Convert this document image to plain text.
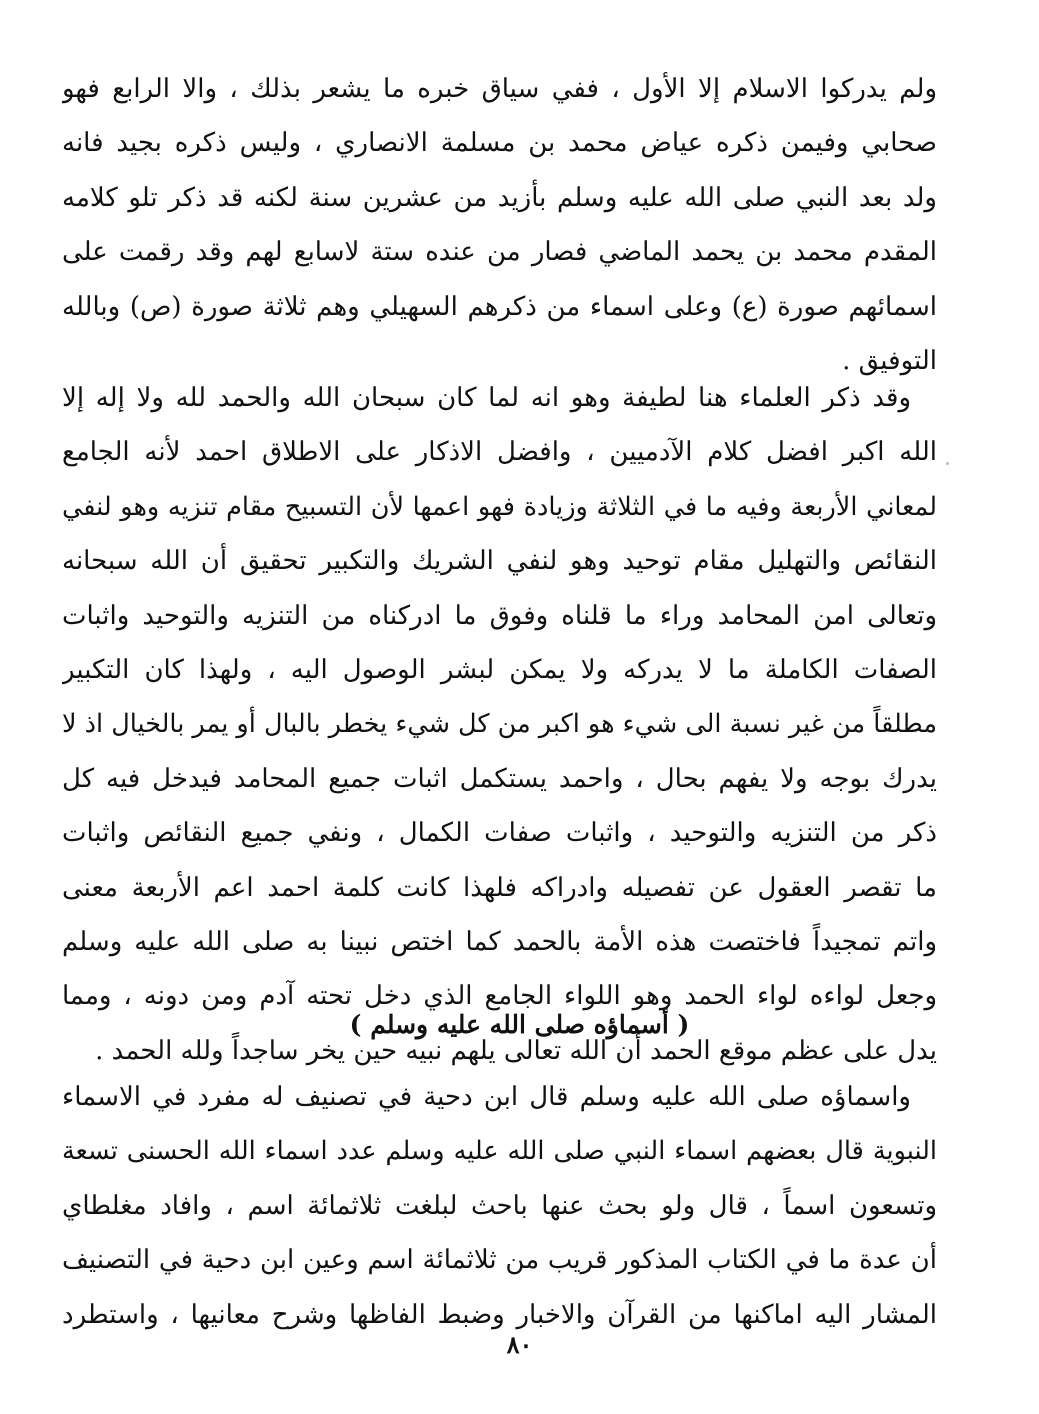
ولم يدركوا الاسلام إلا الأول ، ففي سياق خبره ما يشعر بذلك ، والا الرابع فهو
صحابي وفيمن ذكره عياض محمد بن مسلمة الانصاري ، وليس ذكره بجيد فانه
ولد بعد النبي صلى الله عليه وسلم بأزيد من عشرين سنة لكنه قد ذكر تلو كلامه
المقدم محمد بن يحمد الماضي فصار من عنده ستة لاسابع لهم وقد رقمت على
اسمائهم صورة (ع) وعلى اسماء من ذكرهم السهيلي وهم ثلاثة صورة (ص) وبالله
التوفيق .
وقد ذكر العلماء هنا لطيفة وهو انه لما كان سبحان الله والحمد لله ولا إله إلا
الله اكبر افضل كلام الآدميين ، وافضل الاذكار على الاطلاق احمد لأنه الجامع
لمعاني الأربعة وفيه ما في الثلاثة وزيادة فهو اعمها لأن التسبيح مقام تنزيه وهو لنفي
النقائص والتهليل مقام توحيد وهو لنفي الشريك والتكبير تحقيق أن الله سبحانه
وتعالى امن المحامد وراء ما قلناه وفوق ما ادركناه من التنزيه والتوحيد واثبات
الصفات الكاملة ما لا يدركه ولا يمكن لبشر الوصول اليه ، ولهذا كان التكبير
مطلقاً من غير نسبة الى شيء هو اكبر من كل شيء يخطر بالبال أو يمر بالخيال اذ لا
يدرك بوجه ولا يفهم بحال ، واحمد يستكمل اثبات جميع المحامد فيدخل فيه كل
ذكر من التنزيه والتوحيد ، واثبات صفات الكمال ، ونفي جميع النقائص واثبات
ما تقصر العقول عن تفصيله وادراكه فلهذا كانت كلمة احمد اعم الأربعة معنى
واتم تمجيداً فاختصت هذه الأمة بالحمد كما اختص نبينا به صلى الله عليه وسلم
وجعل لواءه لواء الحمد وهو اللواء الجامع الذي دخل تحته آدم ومن دونه ، ومما
يدل على عظم موقع الحمد أن الله تعالى يلهم نبيه حين يخر ساجداً ولله الحمد .
( أسماؤه صلى الله عليه وسلم )
واسماؤه صلى الله عليه وسلم قال ابن دحية في تصنيف له مفرد في الاسماء
النبوية قال بعضهم اسماء النبي صلى الله عليه وسلم عدد اسماء الله الحسنى تسعة
وتسعون اسماً ، قال ولو بحث عنها باحث لبلغت ثلاثمائة اسم ، وافاد مغلطاي
أن عدة ما في الكتاب المذكور قريب من ثلاثمائة اسم وعين ابن دحية في التصنيف
المشار اليه اماكنها من القرآن والاخبار وضبط الفاظها وشرح معانيها ، واستطرد
٨٠
